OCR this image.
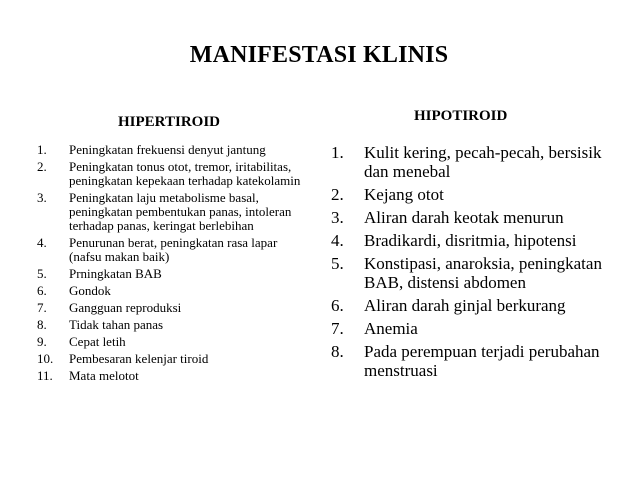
MANIFESTASI KLINIS
HIPERTIROID	HIPOTIROID
1.	Peningkatan frekuensi denyut jantung
2.	Peningkatan tonus otot, tremor, iritabilitas, peningkatan kepekaan terhadap katekolamin
3.	Peningkatan laju metabolisme basal, peningkatan pembentukan panas, intoleran terhadap panas, keringat berlebihan
4.	Penurunan berat, peningkatan rasa lapar (nafsu makan baik)
5.	Prningkatan BAB
6.	Gondok
7.	Gangguan reproduksi
8.	Tidak tahan panas
9.	Cepat letih
10.	Pembesaran kelenjar tiroid
11.	Mata melotot
1.	Kulit kering, pecah-pecah, bersisik dan menebal
2.	Kejang otot
3.	Aliran darah keotak menurun
4.	Bradikardi, disritmia, hipotensi
5.	Konstipasi, anaroksia, peningkatan BAB, distensi abdomen
6.	Aliran darah ginjal berkurang
7.	Anemia
8.	Pada perempuan terjadi perubahan menstruasi
